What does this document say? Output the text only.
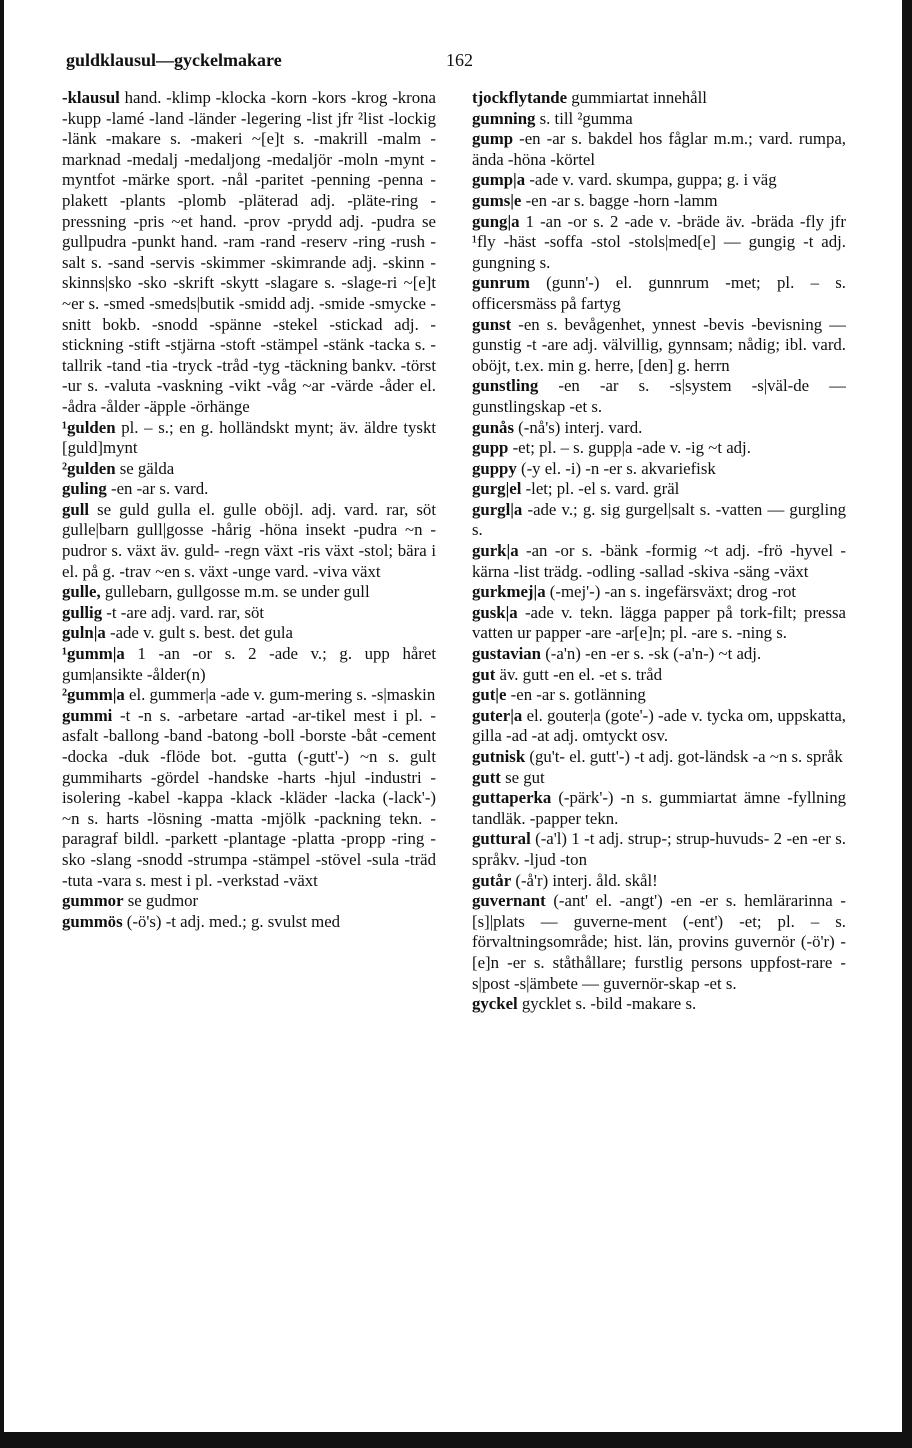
guldklausul—gyckelmakare	162
-klausul hand. -klimp -klocka -korn -kors -krog -krona -kupp -lamé -land -länder -legering -list jfr ²list -lockig -länk -makare s. -makeri ~[e]t s. -makrill -malm -marknad -medalj -medaljong -medaljör -moln -mynt -myntfot -märke sport. -nål -paritet -penning -penna -plakett -plants -plomb -pläterad adj. -pläte-ring -pressning -pris ~et hand. -prov -prydd adj. -pudra se gullpudra -punkt hand. -ram -rand -reserv -ring -rush -salt s. -sand -servis -skimmer -skimrande adj. -skinn -skinns|sko -sko -skrift -skytt -slagare s. -slage-ri ~[e]t ~er s. -smed -smeds|butik -smidd adj. -smide -smycke -snitt bokb. -snodd -spänne -stekel -stickad adj. -stickning -stift -stjärna -stoft -stämpel -stänk -tacka s. -tallrik -tand -tia -tryck -tråd -tyg -täckning bankv. -törst -ur s. -valuta -vaskning -vikt -våg ~ar -värde -åder el. -ådra -ålder -äpple -örhänge
¹gulden pl. – s.; en g. holländskt mynt; äv. äldre tyskt [guld]mynt
²gulden se gälda
guling -en -ar s. vard.
gull se guld gulla el. gulle oböjl. adj. vard. rar, söt gulle|barn gull|gosse -hårig -höna insekt -pudra ~n -pudror s. växt äv. guld- -regn växt -ris växt -stol; bära i el. på g. -trav ~en s. växt -unge vard. -viva växt
gulle, gullebarn, gullgosse m.m. se under gull
gullig -t -are adj. vard. rar, söt
guln|a -ade v. gult s. best. det gula
¹gumm|a 1 -an -or s. 2 -ade v.; g. upp håret gum|ansikte -ålder(n)
²gumm|a el. gummer|a -ade v. gum-mering s. -s|maskin
gummi -t -n s. -arbetare -artad -ar-tikel mest i pl. -asfalt -ballong -band -batong -boll -borste -båt -cement -docka -duk -flöde bot. -gutta (-gutt'-) ~n s. gult gummiharts -gördel -handske -harts -hjul -industri -isolering -kabel -kappa -klack -kläder -lacka (-lack'-) ~n s. harts -lösning -matta -mjölk -packning tekn. -paragraf bildl. -parkett -plantage -platta -propp -ring -sko -slang -snodd -strumpa -stämpel -stövel -sula -träd -tuta -vara s. mest i pl. -verkstad -växt
gummor se gudmor
gummös (-ö's) -t adj. med.; g. svulst med
tjockflytande gummiartat innehåll
gumning s. till ²gumma
gump -en -ar s. bakdel hos fåglar m.m.; vard. rumpa, ända -höna -körtel
gump|a -ade v. vard. skumpa, guppa; g. i väg
gums|e -en -ar s. bagge -horn -lamm
gung|a 1 -an -or s. 2 -ade v. -bräde äv. -bräda -fly jfr ¹fly -häst -soffa -stol -stols|med[e] — gungig -t adj. gungning s.
gunrum (gunn'-) el. gunnrum -met; pl. – s. officersmäss på fartyg
gunst -en s. bevågenhet, ynnest -bevis -bevisning — gunstig -t -are adj. välvillig, gynnsam; nådig; ibl. vard. oböjt, t.ex. min g. herre, [den] g. herrn
gunstling -en -ar s. -s|system -s|väl-de — gunstlingskap -et s.
gunås (-nå's) interj. vard.
gupp -et; pl. – s. gupp|a -ade v. -ig ~t adj.
guppy (-y el. -i) -n -er s. akvariefisk
gurg|el -let; pl. -el s. vard. gräl
gurgl|a -ade v.; g. sig gurgel|salt s. -vatten — gurgling s.
gurk|a -an -or s. -bänk -formig ~t adj. -frö -hyvel -kärna -list trädg. -odling -sallad -skiva -säng -växt
gurkmej|a (-mej'-) -an s. ingefärsväxt; drog -rot
gusk|a -ade v. tekn. lägga papper på tork-filt; pressa vatten ur papper -are -ar[e]n; pl. -are s. -ning s.
gustavian (-a'n) -en -er s. -sk (-a'n-) ~t adj.
gut äv. gutt -en el. -et s. tråd
gut|e -en -ar s. gotlänning
guter|a el. gouter|a (gote'-) -ade v. tycka om, uppskatta, gilla -ad -at adj. omtyckt osv.
gutnisk (gu't- el. gutt'-) -t adj. got-ländsk -a ~n s. språk
gutt se gut
guttaperka (-pärk'-) -n s. gummiartat ämne -fyllning tandläk. -papper tekn.
guttural (-a'l) 1 -t adj. strup-; strup-huvuds- 2 -en -er s. språkv. -ljud -ton
gutår (-å'r) interj. åld. skål!
guvernant (-ant' el. -angt') -en -er s. hemlärarinna -[s]|plats — guverne-ment (-ent') -et; pl. – s. förvaltningsområde; hist. län, provins guvernör (-ö'r) -[e]n -er s. ståthållare; furstlig persons uppfost-rare -s|post -s|ämbete — guvernör-skap -et s.
gyckel gycklet s. -bild -makare s.
